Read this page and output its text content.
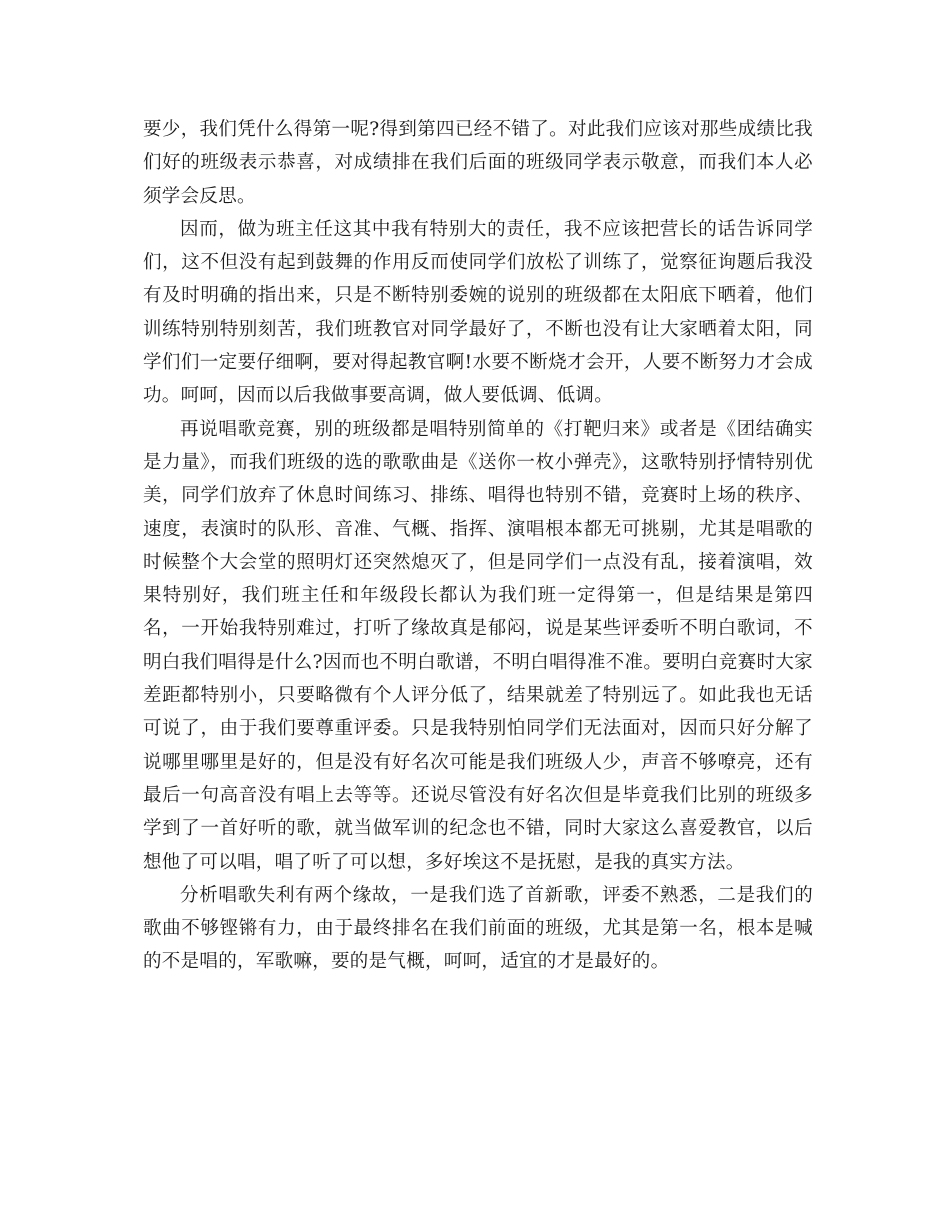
要少，我们凭什么得第一呢?得到第四已经不错了。对此我们应该对那些成绩比我们好的班级表示恭喜，对成绩排在我们后面的班级同学表示敬意，而我们本人必须学会反思。

因而，做为班主任这其中我有特别大的责任，我不应该把营长的话告诉同学们，这不但没有起到鼓舞的作用反而使同学们放松了训练了，觉察征询题后我没有及时明确的指出来，只是不断特别委婉的说别的班级都在太阳底下晒着，他们训练特别特别刻苦，我们班教官对同学最好了，不断也没有让大家晒着太阳，同学们们一定要仔细啊，要对得起教官啊!水要不断烧才会开，人要不断努力才会成功。呵呵，因而以后我做事要高调，做人要低调、低调。

再说唱歌竞赛，别的班级都是唱特别简单的《打靶归来》或者是《团结确实是力量》，而我们班级的选的歌歌曲是《送你一枚小弹壳》，这歌特别抒情特别优美，同学们放弃了休息时间练习、排练、唱得也特别不错，竞赛时上场的秩序、速度，表演时的队形、音准、气概、指挥、演唱根本都无可挑剔，尤其是唱歌的时候整个大会堂的照明灯还突然熄灭了，但是同学们一点没有乱，接着演唱，效果特别好，我们班主任和年级段长都认为我们班一定得第一，但是结果是第四名，一开始我特别难过，打听了缘故真是郁闷，说是某些评委听不明白歌词，不明白我们唱得是什么?因而也不明白歌谱，不明白唱得准不准。要明白竞赛时大家差距都特别小，只要略微有个人评分低了，结果就差了特别远了。如此我也无话可说了，由于我们要尊重评委。只是我特别怕同学们无法面对，因而只好分解了说哪里哪里是好的，但是没有好名次可能是我们班级人少，声音不够嘹亮，还有最后一句高音没有唱上去等等。还说尽管没有好名次但是毕竟我们比别的班级多学到了一首好听的歌，就当做军训的纪念也不错，同时大家这么喜爱教官，以后想他了可以唱，唱了听了可以想，多好埃这不是抚慰，是我的真实方法。

分析唱歌失利有两个缘故，一是我们选了首新歌，评委不熟悉，二是我们的歌曲不够铿锵有力，由于最终排名在我们前面的班级，尤其是第一名，根本是喊的不是唱的，军歌嘛，要的是气概，呵呵，适宜的才是最好的。
